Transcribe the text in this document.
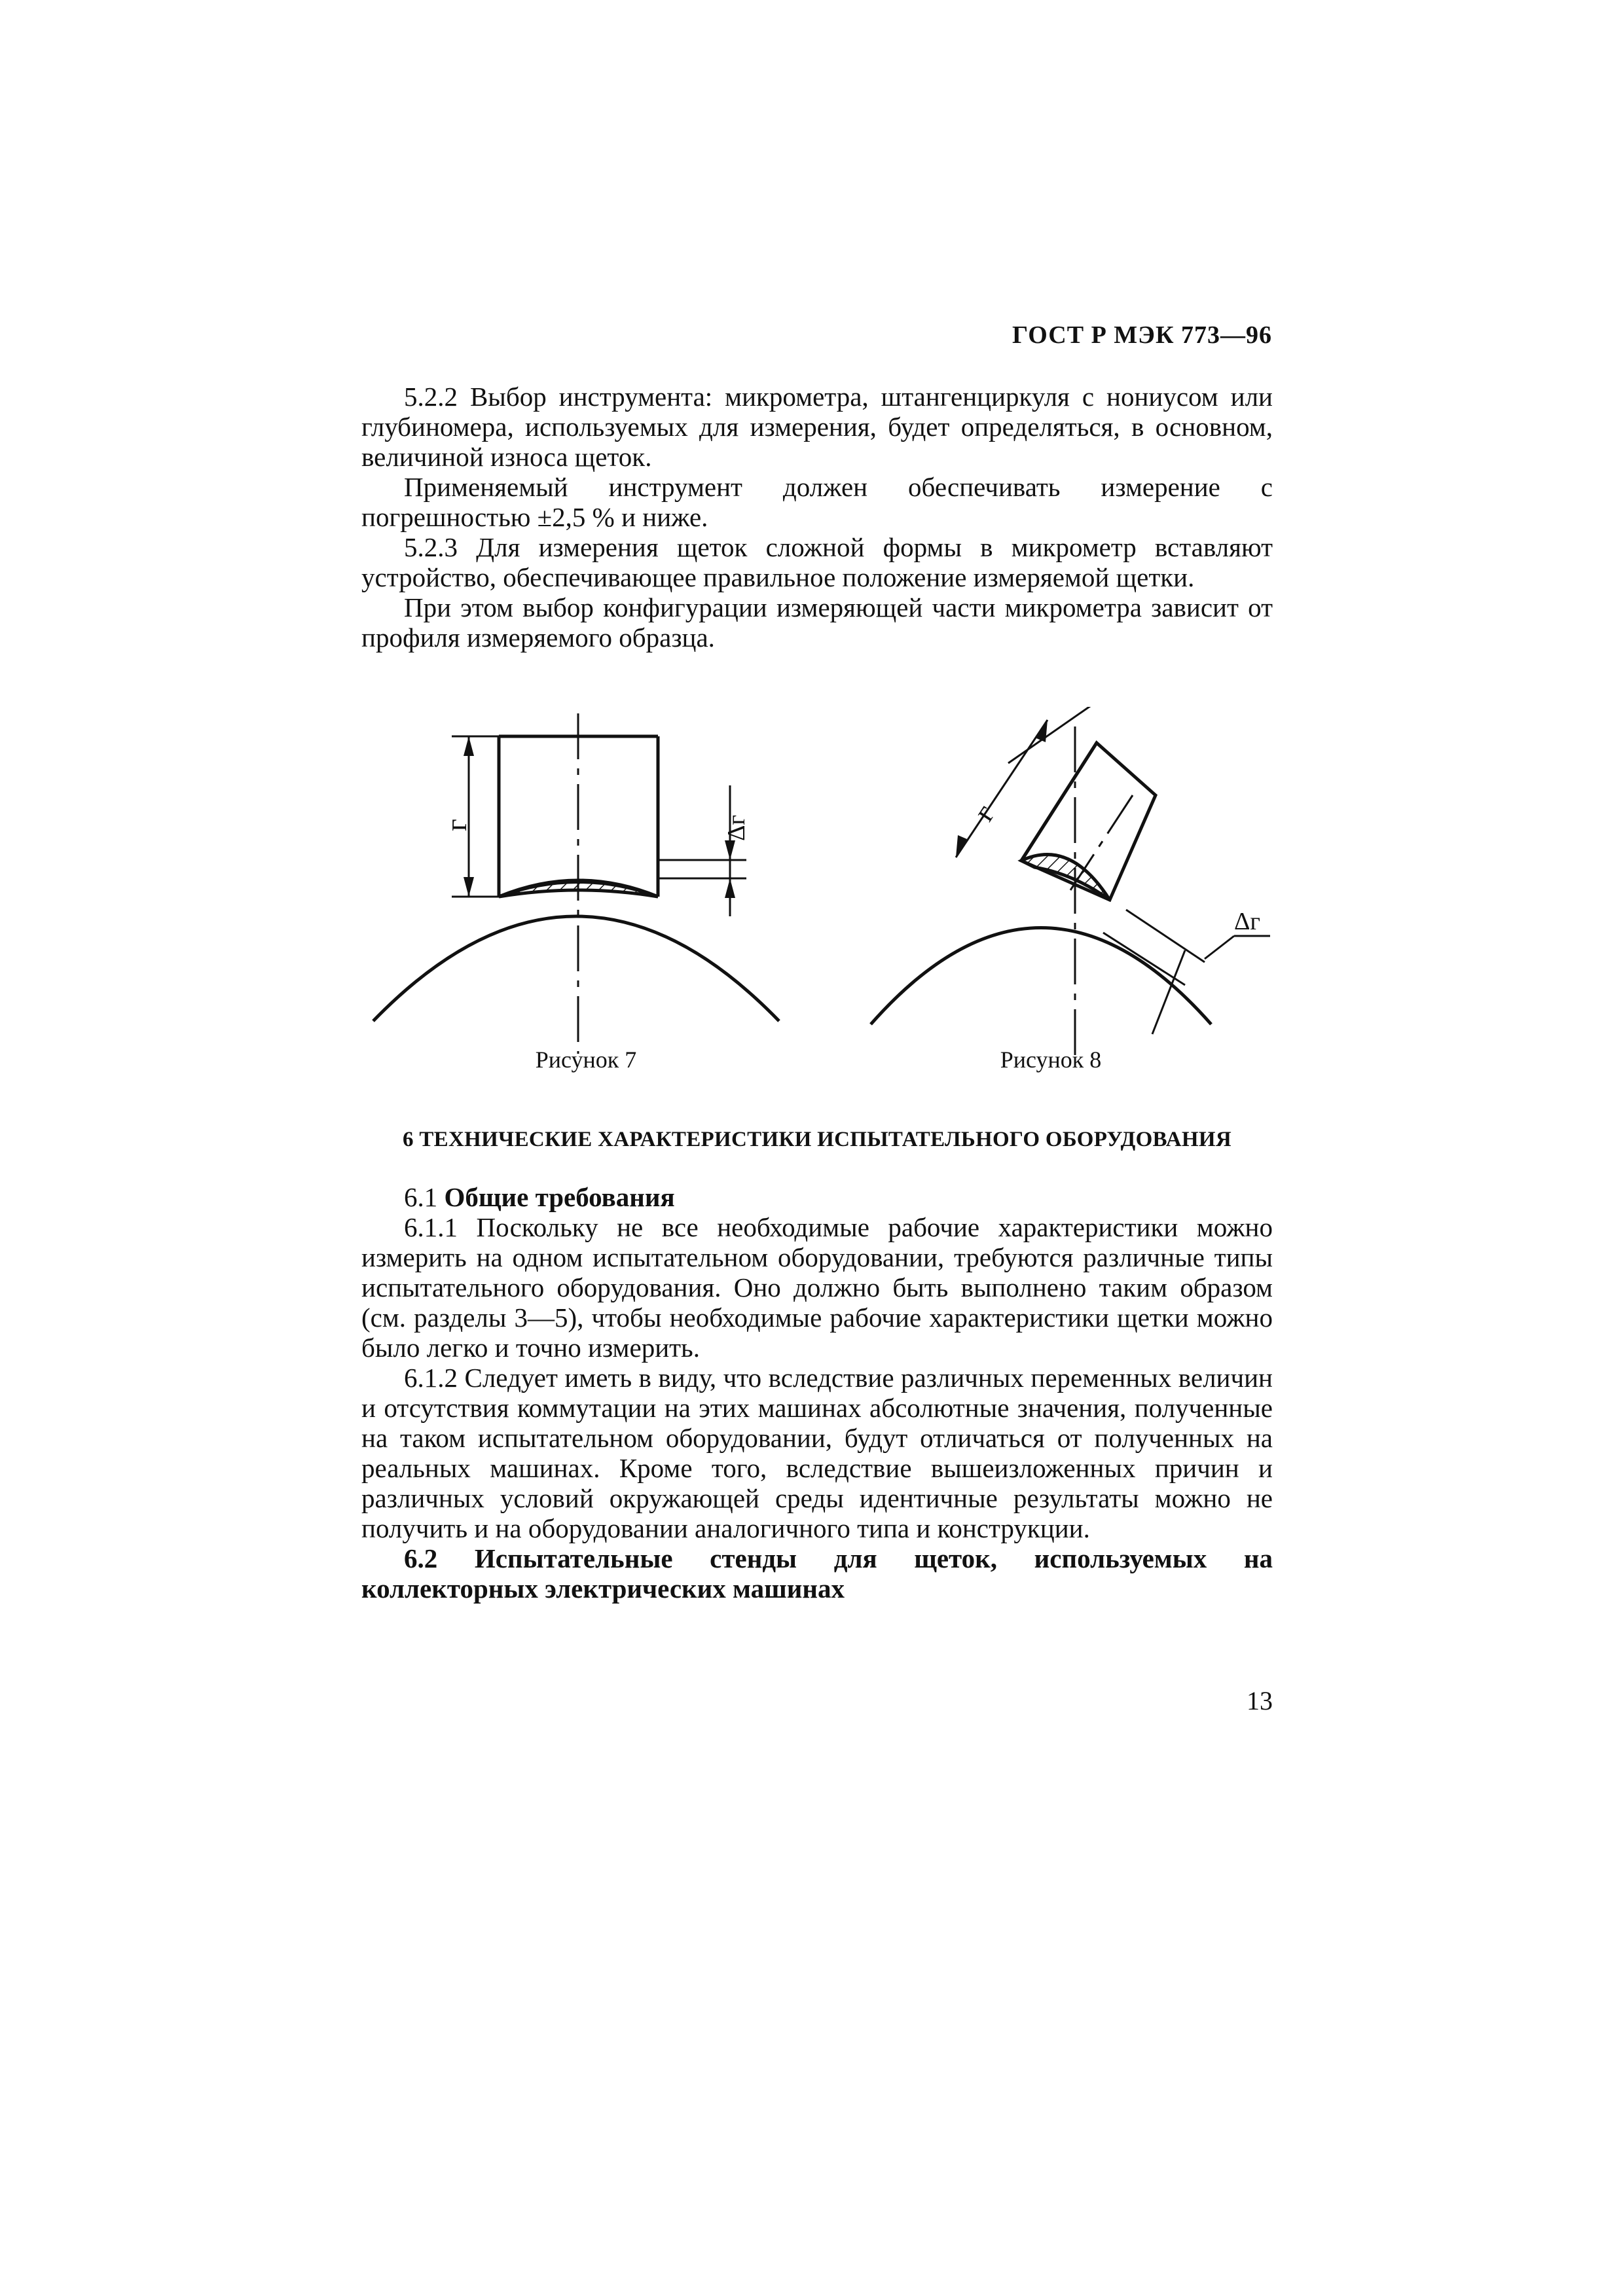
ГОСТ Р МЭК 773—96

5.2.2 Выбор инструмента: микрометра, штангенциркуля с нониусом или глубиномера, используемых для измерения, будет определяться, в основном, величиной износа щеток.

Применяемый инструмент должен обеспечивать измерение с погрешностью ±2,5 % и ниже.

5.2.3 Для измерения щеток сложной формы в микрометр вставляют устройство, обеспечивающее правильное положение измеряемой щетки.

При этом выбор конфигурации измеряющей части микрометра зависит от профиля измеряемого образца.

г	Δг
г
Δг
Рисунок 7	Рисунок 8
6 ТЕХНИЧЕСКИЕ ХАРАКТЕРИСТИКИ ИСПЫТАТЕЛЬНОГО ОБОРУДОВАНИЯ

6.1 Общие требования

6.1.1 Поскольку не все необходимые рабочие характеристики можно измерить на одном испытательном оборудовании, требуются различные типы испытательного оборудования. Оно должно быть выполнено таким образом (см. разделы 3—5), чтобы необходимые рабочие характеристики щетки можно было легко и точно измерить.

6.1.2 Следует иметь в виду, что вследствие различных переменных величин и отсутствия коммутации на этих машинах абсолютные значения, полученные на таком испытательном оборудовании, будут отличаться от полученных на реальных машинах. Кроме того, вследствие вышеизложенных причин и различных условий окружающей среды идентичные результаты можно не получить и на оборудовании аналогичного типа и конструкции.

6.2 Испытательные стенды для щеток, используемых на коллекторных электрических машинах

13
